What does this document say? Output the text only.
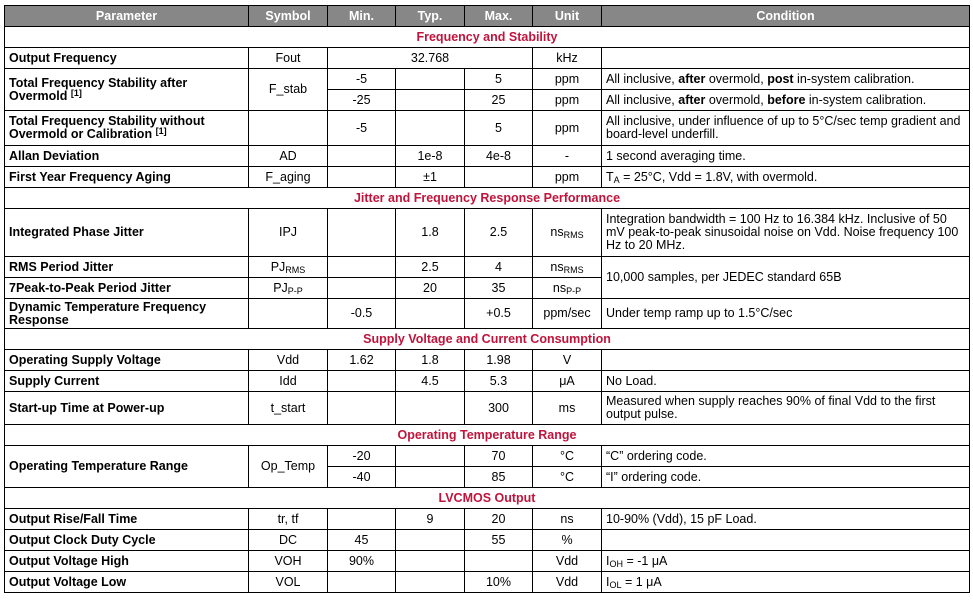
Parameter	Symbol	Min.	Typ.	Max.	Unit	Condition
Frequency and Stability						
Output Frequency	Fout	32.768			kHz	
Total Frequency Stability after Overmold [1]	F_stab	-5		5	ppm	All inclusive, after overmold, post in-system calibration.
		-25		25	ppm	All inclusive, after overmold, before in-system calibration.
Total Frequency Stability without Overmold or Calibration [1]		-5		5	ppm	All inclusive, under influence of up to 5°C/sec temp gradient and board-level underfill.
Allan Deviation	AD		1e-8	4e-8	-	1 second averaging time.
First Year Frequency Aging	F_aging		±1		ppm	$T_A = 25^\circ C$, Vdd = 1.8V, with overmold.
Jitter and Frequency Response Performance						
Integrated Phase Jitter	IPJ		1.8	2.5	$ns_{RMS}$	Integration bandwidth = 100 Hz to 16.384 kHz. Inclusive of 50 mV peak-to-peak sinusoidal noise on Vdd. Noise frequency 100 Hz to 20 MHz.
RMS Period Jitter	$PJ_{RMS}$		2.5	4	$ns_{RMS}$	10,000 samples, per JEDEC standard 65B
7Peak-to-Peak Period Jitter	$PJ_{P-P}$		20	35	$ns_{P-P}$
Dynamic Temperature Frequency Response		-0.5		+0.5	ppm/sec	Under temp ramp up to 1.5°C/sec
Supply Voltage and Current Consumption						
Operating Supply Voltage	Vdd	1.62	1.8	1.98	V	
Supply Current	Idd		4.5	5.3	μA	No Load.
Start-up Time at Power-up	t_start			300	ms	Measured when supply reaches 90% of final Vdd to the first output pulse.
Operating Temperature Range						
Operating Temperature Range	Op_Temp	-20		70	°C	“C” ordering code.
		-40		85	°C	“I” ordering code.
LVCMOS Output						
Output Rise/Fall Time	tr, tf		9	20	ns	10-90% (Vdd), 15 pF Load.
Output Clock Duty Cycle	DC	45		55	%	
Output Voltage High	VOH	90%			Vdd	$I_{OH} = -1$ μA
Output Voltage Low	VOL			10%	Vdd	$I_{OL} = 1$ μA
